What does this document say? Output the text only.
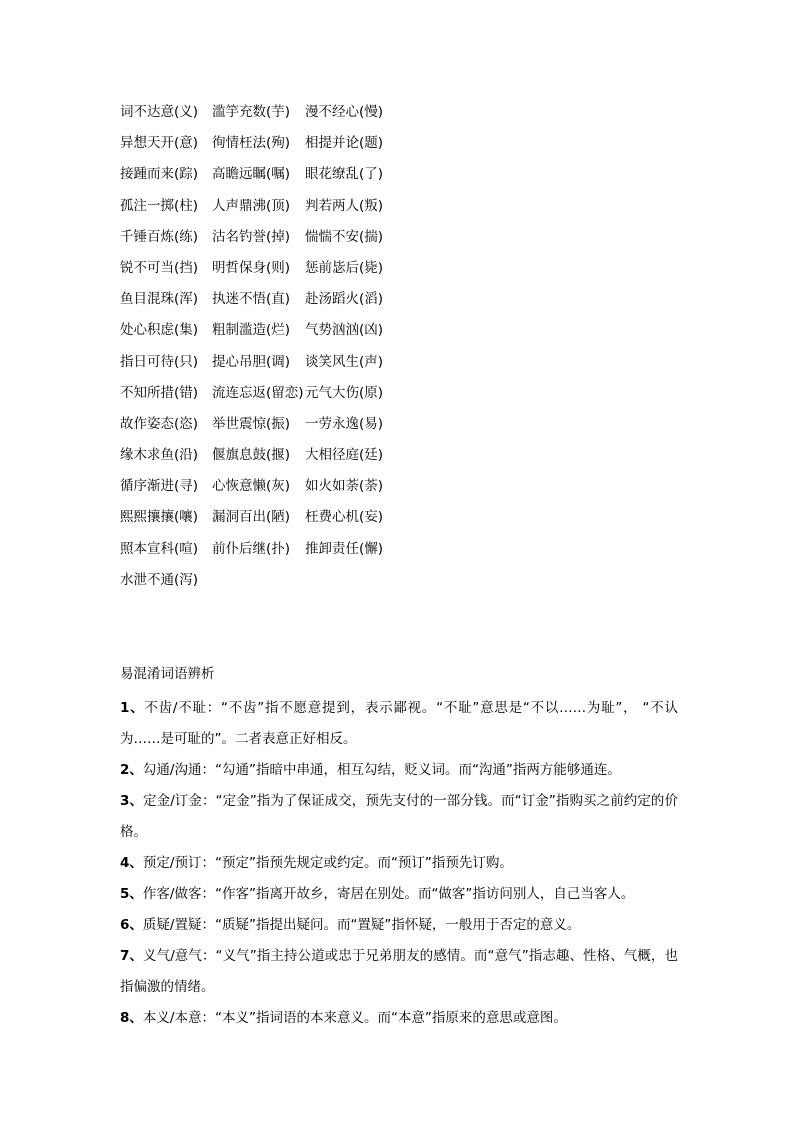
词不达意(义) 滥竽充数(芋) 漫不经心(慢)
异想天开(意) 徇情枉法(殉) 相提并论(题)
接踵而来(踪) 高瞻远瞩(嘱) 眼花缭乱(了)
孤注一掷(柱) 人声鼎沸(顶) 判若两人(叛)
千锤百炼(练) 沽名钓誉(掉) 惴惴不安(揣)
锐不可当(挡) 明哲保身(则) 惩前毖后(毙)
鱼目混珠(浑) 执迷不悟(直) 赴汤蹈火(滔)
处心积虑(集) 粗制滥造(烂) 气势汹汹(凶)
指日可待(只) 提心吊胆(调) 谈笑风生(声)
不知所措(错) 流连忘返(留恋)元气大伤(原)
故作姿态(恣) 举世震惊(振) 一劳永逸(易)
缘木求鱼(沿) 偃旗息鼓(揠) 大相径庭(廷)
循序渐进(寻) 心恢意懒(灰) 如火如荼(荼)
熙熙攘攘(嚷) 漏洞百出(陋) 枉费心机(妄)
照本宣科(喧) 前仆后继(扑) 推卸责任(懈)
水泄不通(泻)
易混淆词语辨析
1、不齿/不耻：“不齿”指不愿意提到，表示鄙视。“不耻”意思是“不以……为耻”， “不认为……是可耻的”。二者表意正好相反。
2、勾通/沟通：“勾通”指暗中串通，相互勾结，贬义词。而“沟通”指两方能够通连。
3、定金/订金：“定金”指为了保证成交，预先支付的一部分钱。而“订金”指购买之前约定的价格。
4、预定/预订：“预定”指预先规定或约定。而“预订”指预先订购。
5、作客/做客：“作客”指离开故乡，寄居在别处。而“做客”指访问别人，自己当客人。
6、质疑/置疑：“质疑”指提出疑问。而“置疑”指怀疑，一般用于否定的意义。
7、义气/意气：“义气”指主持公道或忠于兄弟朋友的感情。而“意气”指志趣、性格、气概，也指偏激的情绪。
8、本义/本意：“本义”指词语的本来意义。而“本意”指原来的意思或意图。
